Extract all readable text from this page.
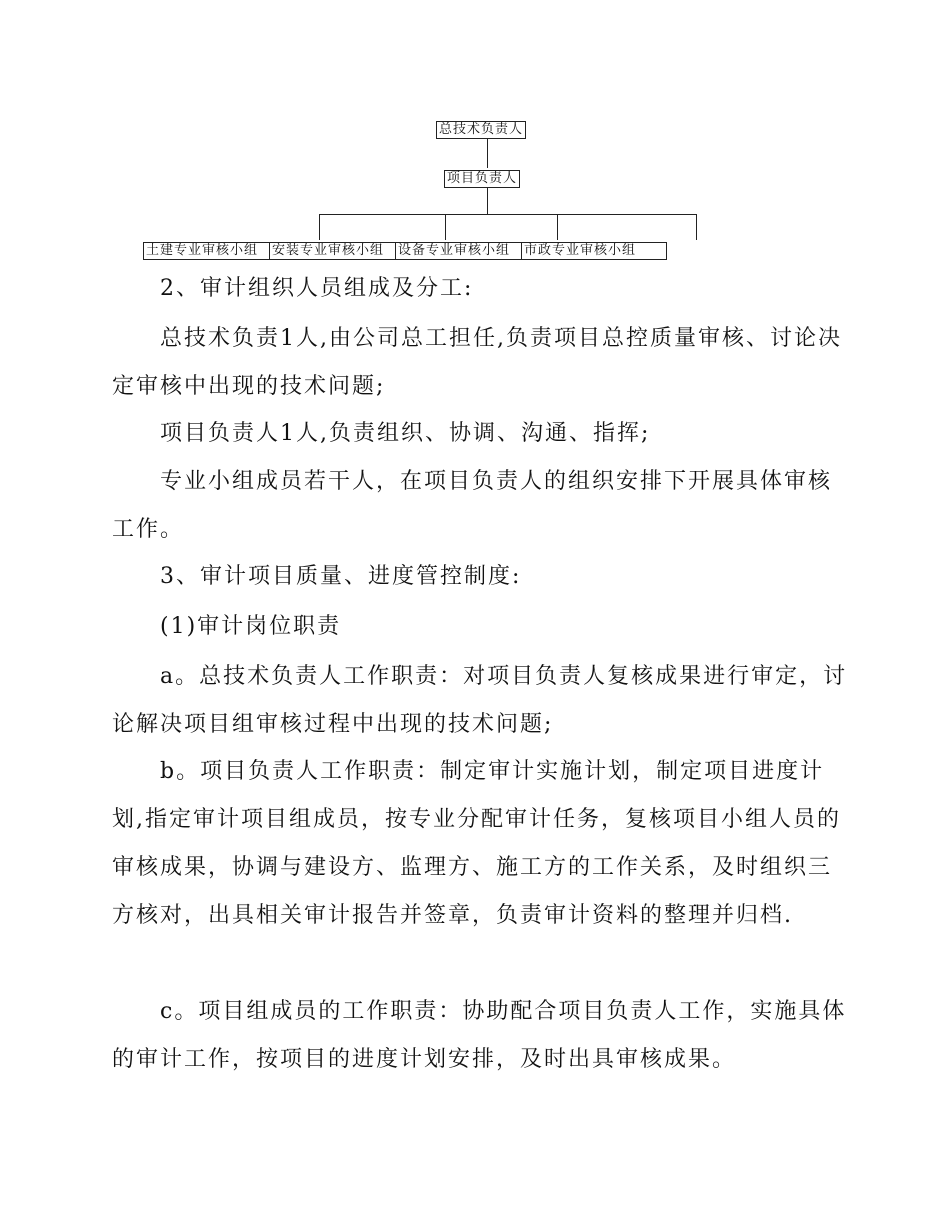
总技术负责人
项目负责人
土建专业审核小组	安装专业审核小组	设备专业审核小组	市政专业审核小组

2、审计组织人员组成及分工:

总技术负责1人,由公司总工担任,负责项目总控质量审核、讨论决定审核中出现的技术问题;

项目负责人1人,负责组织、协调、沟通、指挥;

专业小组成员若干人，在项目负责人的组织安排下开展具体审核工作。

3、审计项目质量、进度管控制度:

(1)审计岗位职责

a。总技术负责人工作职责：对项目负责人复核成果进行审定，讨论解决项目组审核过程中出现的技术问题;

b。项目负责人工作职责：制定审计实施计划，制定项目进度计划,指定审计项目组成员，按专业分配审计任务，复核项目小组人员的审核成果，协调与建设方、监理方、施工方的工作关系，及时组织三方核对，出具相关审计报告并签章，负责审计资料的整理并归档.

c。项目组成员的工作职责：协助配合项目负责人工作，实施具体的审计工作，按项目的进度计划安排，及时出具审核成果。
